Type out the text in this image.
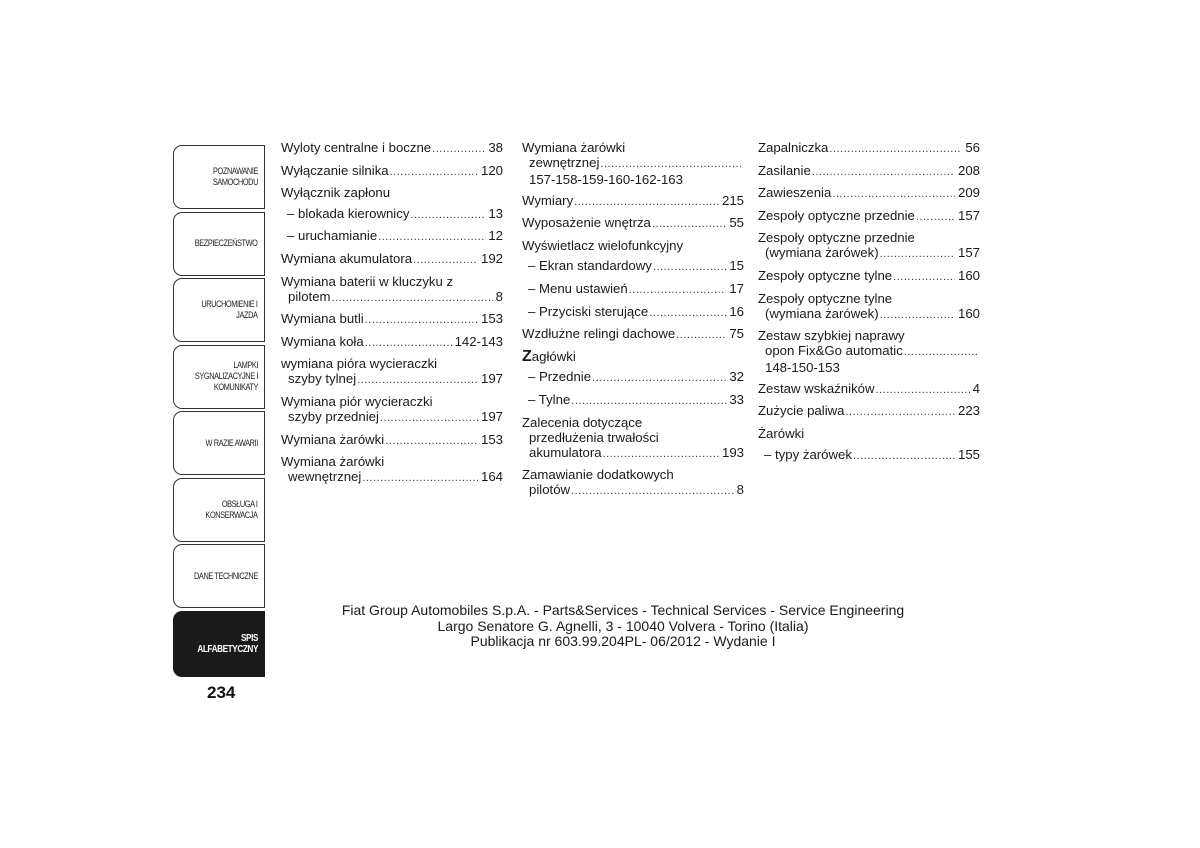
POZNAWANIE
SAMOCHODU
BEZPIECZEŃSTWO
URUCHOMIENIE I
JAZDA
LAMPKI
SYGNALIZACYJNE I
KOMUNIKATY
W RAZIE AWARII
OBSŁUGA I
KONSERWACJA
DANE TECHNICZNE
SPIS
ALFABETYCZNY
234
Wyloty centralne i boczne .....	38
Wyłączanie silnika .....	120
Wyłącznik zapłonu
– blokada kierownicy .....	13
– uruchamianie .....	12
Wymiana akumulatora .....	192
Wymiana baterii w kluczyku z
pilotem .....	8
Wymiana butli .....	153
Wymiana koła .....	142-143
wymiana pióra wycieraczki
szyby tylnej .....	197
Wymiana piór wycieraczki
szyby przedniej .....	197
Wymiana żarówki .....	153
Wymiana żarówki
wewnętrznej .....	164
Wymiana żarówki
zewnętrznej
.....
157-158-159-160-162-163
Wymiary .....	215
Wyposażenie wnętrza .....	55
Wyświetlacz wielofunkcyjny
– Ekran standardowy .....	15
– Menu ustawień .....	17
– Przyciski sterujące .....	16
Wzdłużne relingi dachowe .....	75
Zagłówki
– Przednie .....	32
– Tylne .....	33
Zalecenia dotyczące
przedłużenia trwałości
akumulatora .....	193
Zamawianie dodatkowych
pilotów .....	8
Zapalniczka .....	56
Zasilanie .....	208
Zawieszenia .....	209
Zespoły optyczne przednie .....	157
Zespoły optyczne przednie
(wymiana żarówek) .....	157
Zespoły optyczne tylne .....	160
Zespoły optyczne tylne
(wymiana żarówek) .....	160
Zestaw szybkiej naprawy
opon Fix&Go automatic
.....
148-150-153
Zestaw wskaźników .....	4
Zużycie paliwa .....	223
Żarówki
– typy żarówek .....	155
Fiat Group Automobiles S.p.A. - Parts&Services - Technical Services - Service Engineering
Largo Senatore G. Agnelli, 3 - 10040 Volvera - Torino (Italia)
Publikacja nr 603.99.204PL- 06/2012 - Wydanie I
